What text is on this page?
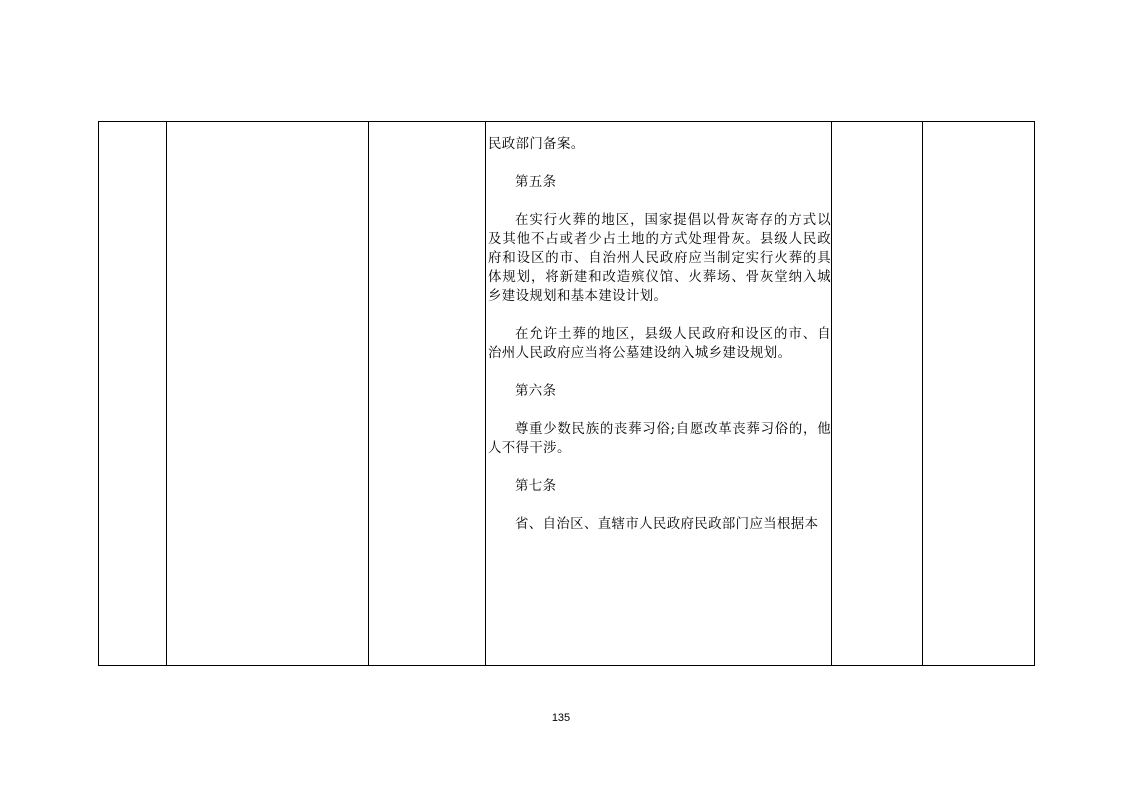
民政部门备案。

第五条

在实行火葬的地区，国家提倡以骨灰寄存的方式以及其他不占或者少占土地的方式处理骨灰。县级人民政府和设区的市、自治州人民政府应当制定实行火葬的具体规划，将新建和改造殡仪馆、火葬场、骨灰堂纳入城乡建设规划和基本建设计划。

在允许土葬的地区，县级人民政府和设区的市、自治州人民政府应当将公墓建设纳入城乡建设规划。

第六条

尊重少数民族的丧葬习俗;自愿改革丧葬习俗的，他人不得干涉。

第七条

省、自治区、直辖市人民政府民政部门应当根据本

135
